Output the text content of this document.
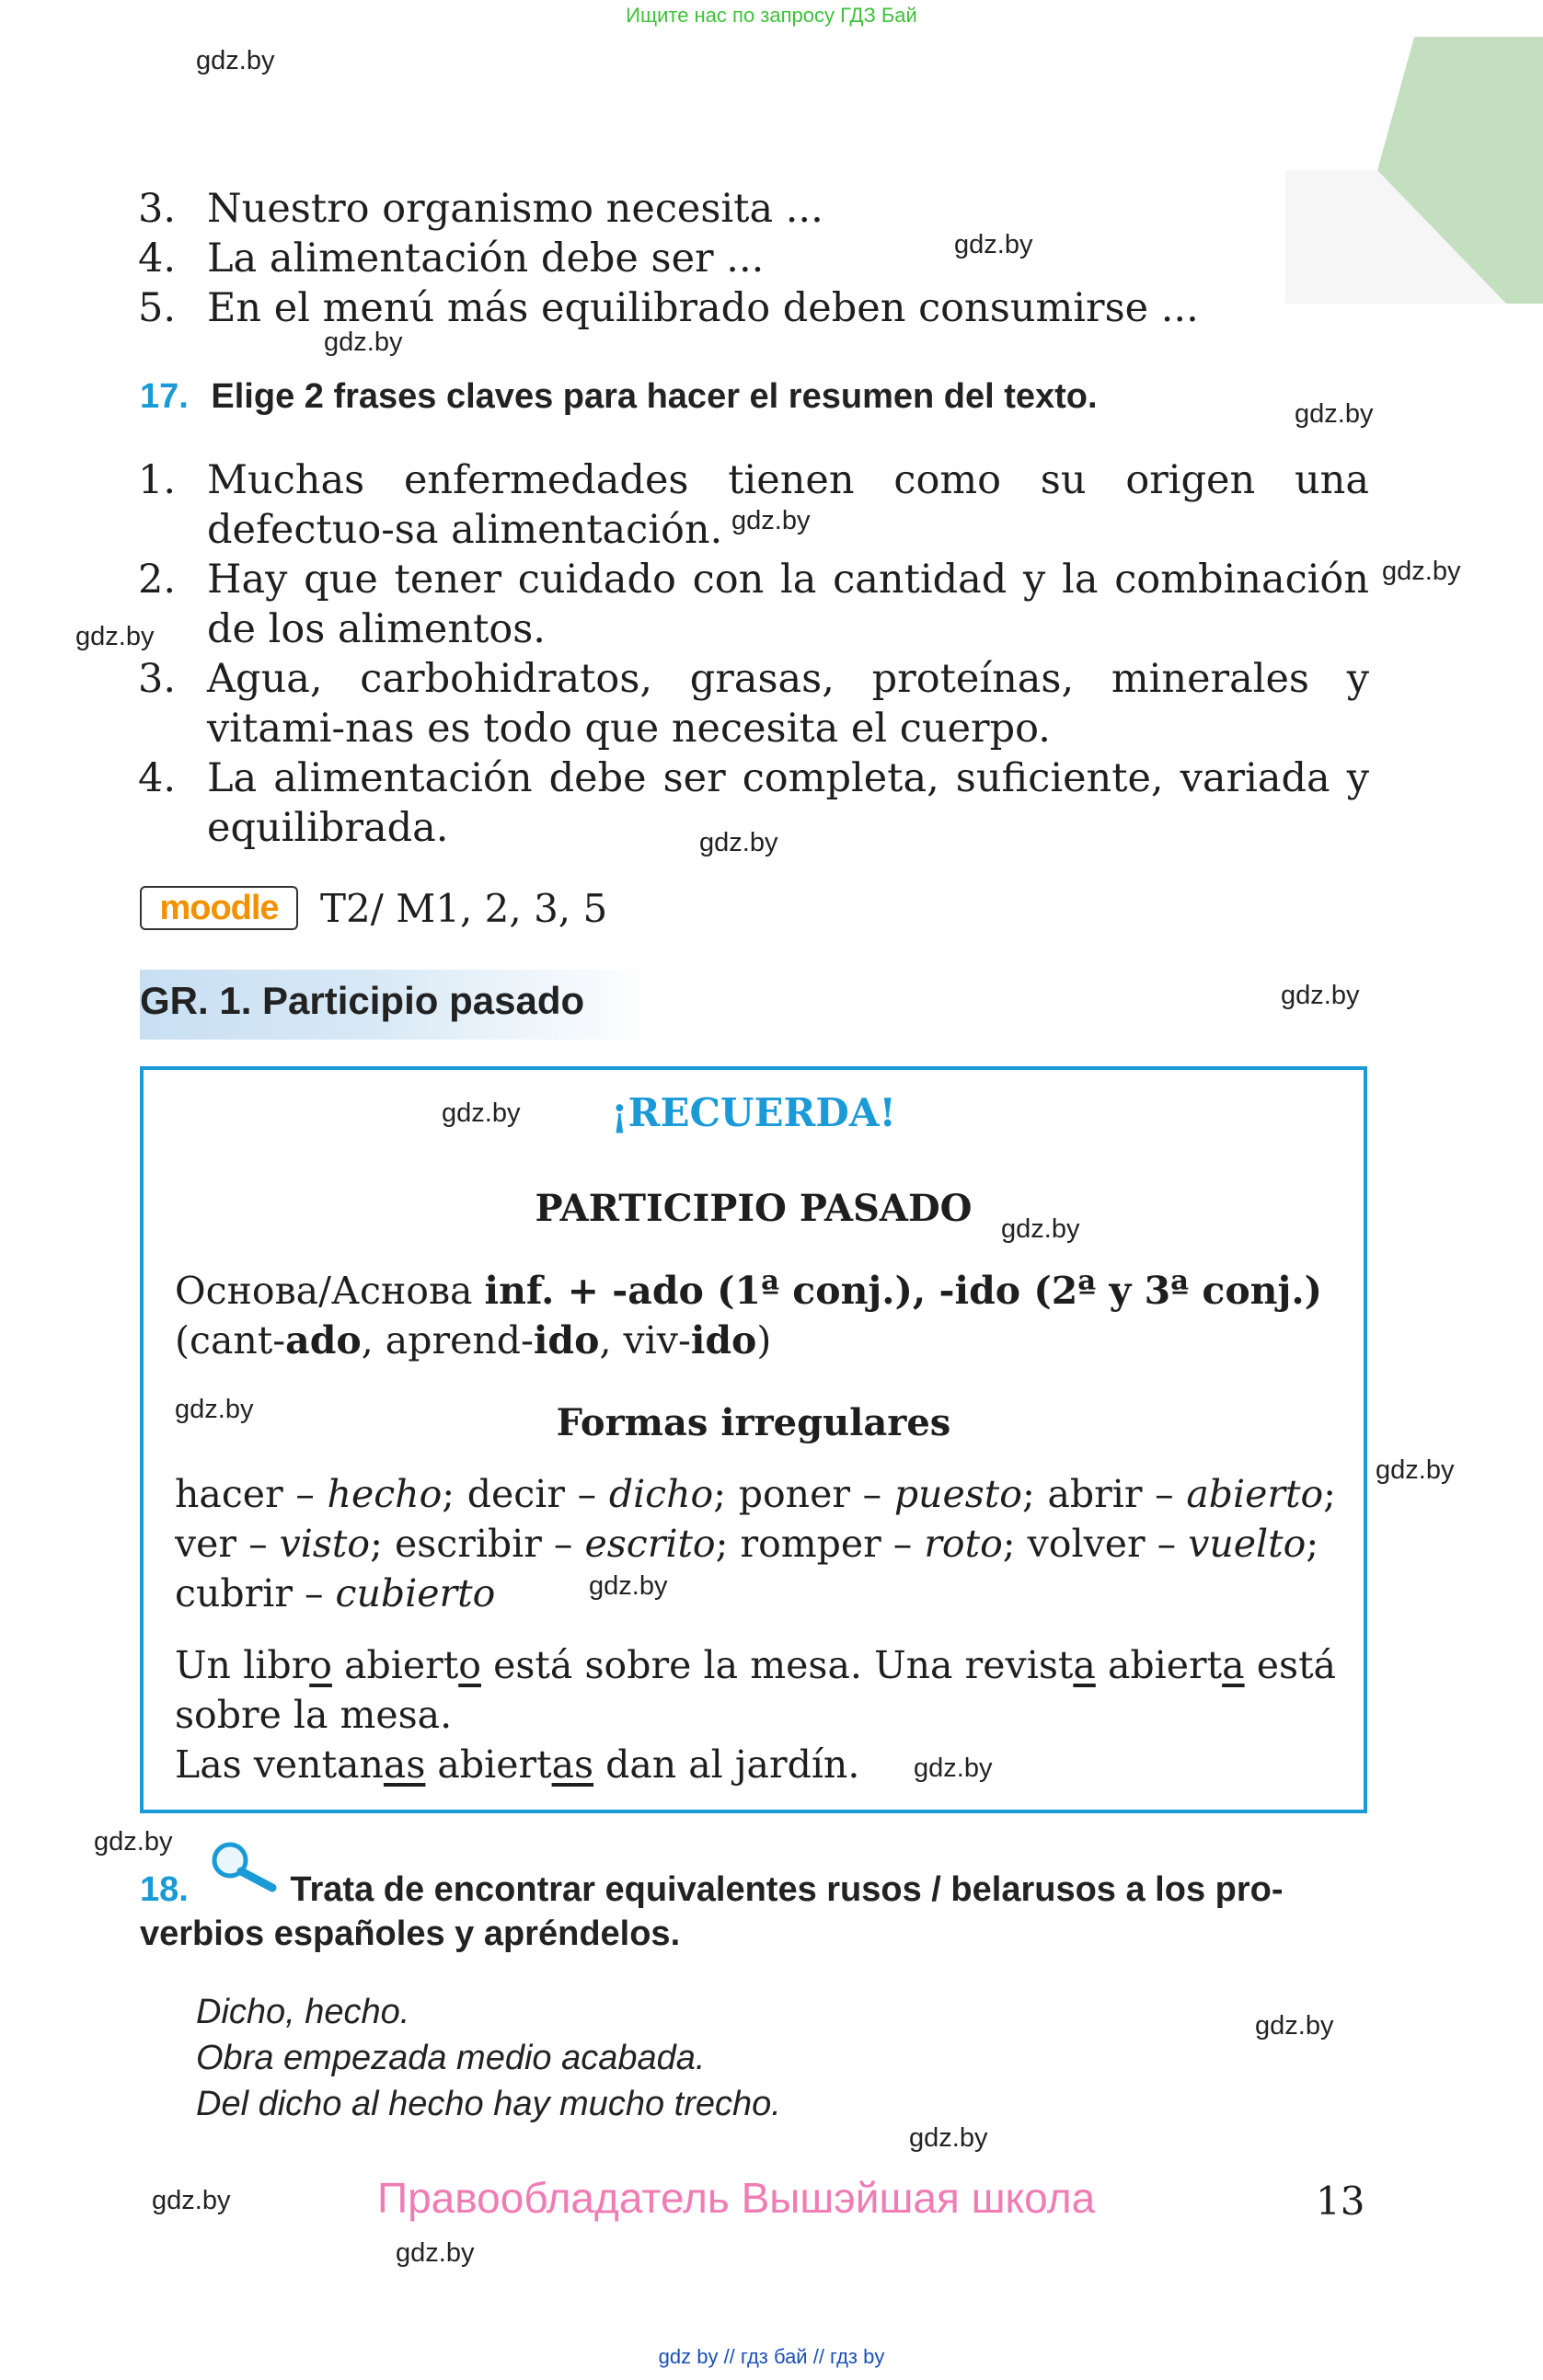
Ищите нас по запросу ГДЗ Бай
gdz.by
gdz.by
gdz.by
gdz.by
gdz.by
gdz.by
gdz.by
gdz.by
gdz.by
gdz.by
gdz.by
gdz.by
gdz.by
gdz.by
gdz.by
gdz.by
gdz.by
gdz.by
gdz.by
gdz.by
3. Nuestro organismo necesita ...
4. La alimentación debe ser ...
5. En el menú más equilibrado deben consumirse ...
17. Elige 2 frases claves para hacer el resumen del texto.
1. Muchas enfermedades tienen como su origen una defectuo-sa alimentación.
2. Hay que tener cuidado con la cantidad y la combinación de los alimentos.
3. Agua, carbohidratos, grasas, proteínas, minerales y vitami-nas es todo que necesita el cuerpo.
4. La alimentación debe ser completa, suficiente, variada y equilibrada.
moodle T2/ M1, 2, 3, 5
GR. 1. Participio pasado
¡RECUERDA!
PARTICIPIO PASADO
Основа/Аснова inf. + -ado (1ª conj.), -ido (2ª y 3ª conj.)
(cant-ado, aprend-ido, viv-ido)
Formas irregulares
hacer – hecho; decir – dicho; poner – puesto; abrir – abierto; ver – visto; escribir – escrito; romper – roto; volver – vuelto;
cubrir – cubierto
Un libro abierto está sobre la mesa. Una revista abierta está sobre la mesa.
Las ventanas abiertas dan al jardín.
18.	Trata de encontrar equivalentes rusos / belarusos a los pro-
verbios españoles y apréndelos.
Dicho, hecho.
Obra empezada medio acabada.
Del dicho al hecho hay mucho trecho.
Правообладатель Вышэйшая школа	13
gdz by // гдз бай // гдз by
